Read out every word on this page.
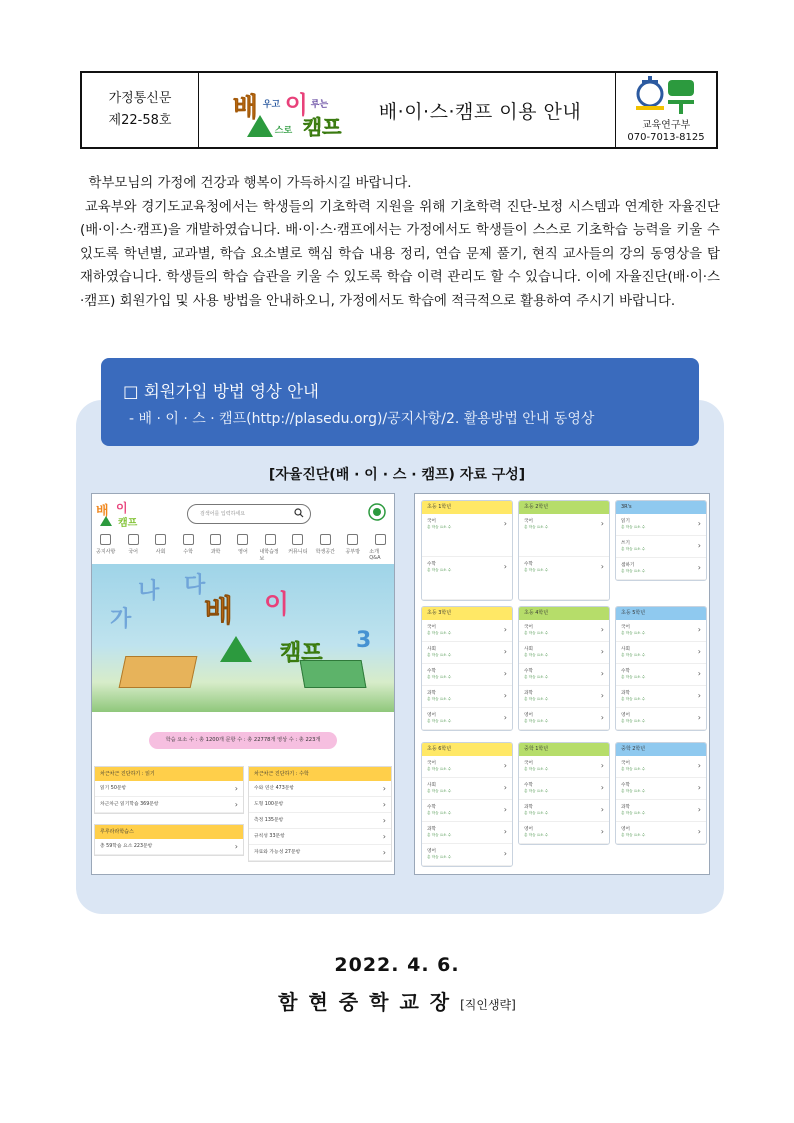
가정통신문
제22-58호 배 우고 이 루는
스로 캠프
배·이·스·캠프 이용 안내
교육연구부
070-7013-8125

학부모님의 가정에 건강과 행복이 가득하시길 바랍니다.

교육부와 경기도교육청에서는 학생들의 기초학력 지원을 위해 기초학력 진단-보정 시스템과 연계한 자율진단(배·이·스·캠프)을 개발하였습니다. 배·이·스·캠프에서는 가정에서도 학생들이 스스로 기초학습 능력을 키울 수 있도록 학년별, 교과별, 학습 요소별로 핵심 학습 내용 정리, 연습 문제 풀기, 현직 교사들의 강의 동영상을 탑재하였습니다. 학생들의 학습 습관을 키울 수 있도록 학습 이력 관리도 할 수 있습니다. 이에 자율진단(배·이·스·캠프) 회원가입 및 사용 방법을 안내하오니, 가정에서도 학습에 적극적으로 활용하여 주시기 바랍니다.

□ 회원가입 방법 영상 안내
- 배 · 이 · 스 · 캠프(http://plasedu.org)/공지사항/2. 활용방법 안내 동영상
[자율진단(배 · 이 · 스 · 캠프) 자료 구성]
배 이
캠프
검색어를 입력하세요
공지사항	국어	사회	수학	과학	영어 내학습정보
커뮤니티 학생공간 공부방 소개 Q&A
가
나 다
3
배 이
캠프
학습 요소 수 : 총 1200개 문항 수 : 총 22778개 영상 수 : 총 223개
차근차근 진단하기 : 읽기
읽기 50문항 ›
차근차근 읽기학습 369문항 ›
루루라라학습스
총 59학습 요소 223문항 ›
차근차근 진단하기 : 수학
수와 연산 473문항 ›
도형 100문항 ›
측정 135문항 ›
규칙성 33문항 ›
자료와 가능성 27문항 ›
초등 1학년
국어
총 학습 요소 수
›
수학
총 학습 요소 수
›
초등 2학년
국어
총 학습 요소 수
›
수학
총 학습 요소 수
›
3R's
읽기
총 학습 요소 수
›
쓰기
총 학습 요소 수
›
셈하기
총 학습 요소 수
›
초등 3학년
국어
총 학습 요소 수
›
사회
총 학습 요소 수
›
수학
총 학습 요소 수
›
과학
총 학습 요소 수
›
영어
총 학습 요소 수
›
초등 4학년
국어
총 학습 요소 수
›
사회
총 학습 요소 수
›
수학
총 학습 요소 수
›
과학
총 학습 요소 수
›
영어
총 학습 요소 수
›
초등 5학년
국어
총 학습 요소 수
›
사회
총 학습 요소 수
›
수학
총 학습 요소 수
›
과학
총 학습 요소 수
›
영어
총 학습 요소 수
›
초등 6학년
국어
총 학습 요소 수
›
사회
총 학습 요소 수
›
수학
총 학습 요소 수
›
과학
총 학습 요소 수
›
영어
총 학습 요소 수
›
중학 1학년
국어
총 학습 요소 수
›
수학
총 학습 요소 수
›
과학
총 학습 요소 수
›
영어
총 학습 요소 수
›
중학 2학년
국어
총 학습 요소 수
›
수학
총 학습 요소 수
›
과학
총 학습 요소 수
›
영어
총 학습 요소 수
›
2022. 4. 6.
함현중학교장[직인생략]
